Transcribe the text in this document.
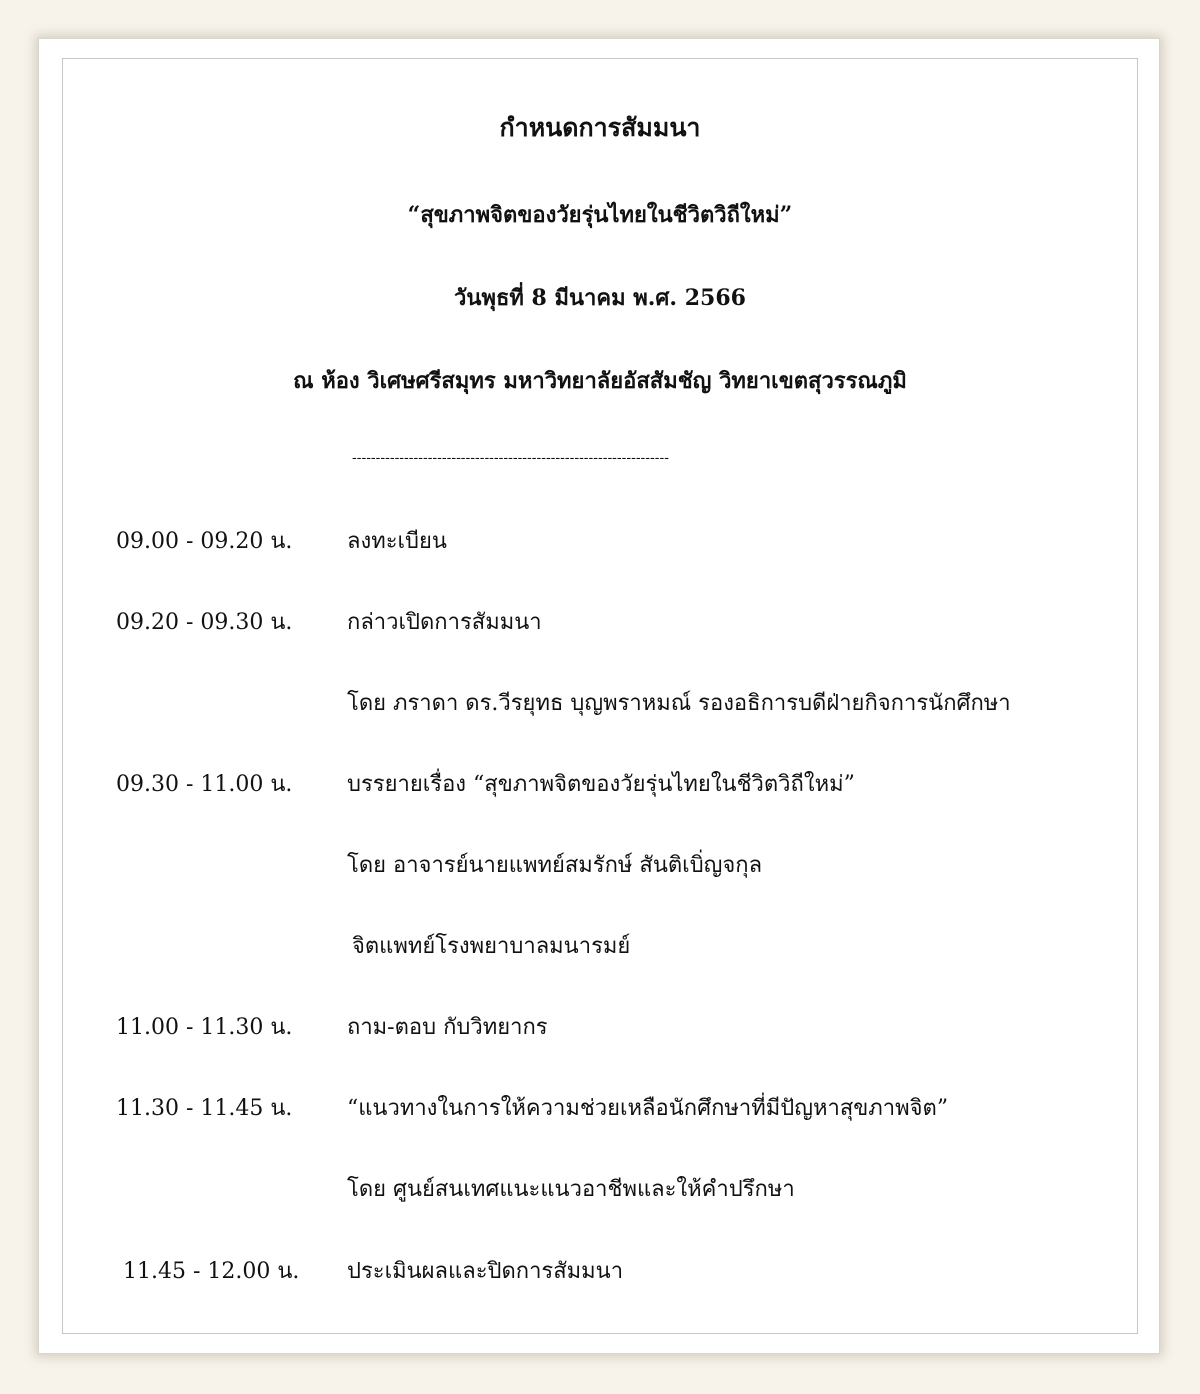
กำหนดการสัมมนา
“สุขภาพจิตของวัยรุ่นไทยในชีวิตวิถีใหม่”
วันพุธที่ 8 มีนาคม พ.ศ. 2566
ณ ห้อง วิเศษศรีสมุทร มหาวิทยาลัยอัสสัมชัญ วิทยาเขตสุวรรณภูมิ
-------------------------------------------------------------------
09.00 - 09.20 น. ลงทะเบียน
09.20 - 09.30 น. กล่าวเปิดการสัมมนา
โดย ภราดา ดร.วีรยุทธ บุญพราหมณ์ รองอธิการบดีฝ่ายกิจการนักศึกษา
09.30 - 11.00 น. บรรยายเรื่อง “สุขภาพจิตของวัยรุ่นไทยในชีวิตวิถีใหม่”
โดย อาจารย์นายแพทย์สมรักษ์ สันติเบิ่ญจกุล
จิตแพทย์โรงพยาบาลมนารมย์
11.00 - 11.30 น. ถาม-ตอบ กับวิทยากร
11.30 - 11.45 น. “แนวทางในการให้ความช่วยเหลือนักศึกษาที่มีปัญหาสุขภาพจิต”
โดย ศูนย์สนเทศแนะแนวอาชีพและให้คำปรึกษา
11.45 - 12.00 น. ประเมินผลและปิดการสัมมนา
